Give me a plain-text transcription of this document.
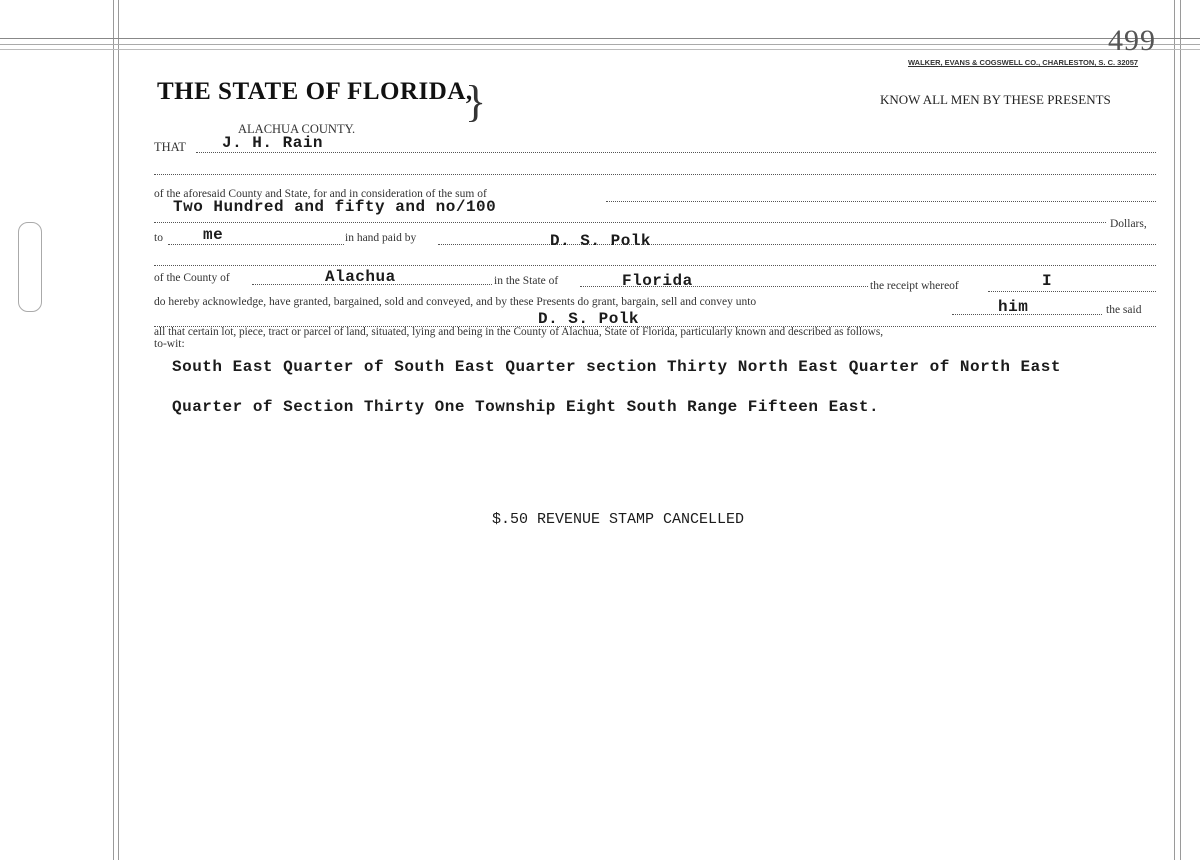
499
WALKER, EVANS & COGSWELL CO., CHARLESTON, S. C. 32057
THE STATE OF FLORIDA,
}	KNOW ALL MEN BY THESE PRESENTS
ALACHUA COUNTY.
THAT J. H. Rain
of the aforesaid County and State, for and in consideration of the sum of
Two Hundred and fifty and no/100
Dollars,
to	me	in hand paid by	D. S. Polk
of the County of	Alachua	in the State of	Florida	the receipt whereof	I
do hereby acknowledge, have granted, bargained, sold and conveyed, and by these Presents do grant, bargain, sell and convey unto	him	the said
D. S. Polk
all that certain lot, piece, tract or parcel of land, situated, lying and being in the County of Alachua, State of Florida, particularly known and described as follows,
to-wit:
South East Quarter of South East Quarter section Thirty North East Quarter of North East
Quarter of Section Thirty One Township Eight South Range Fifteen East.
$.50 REVENUE STAMP CANCELLED
